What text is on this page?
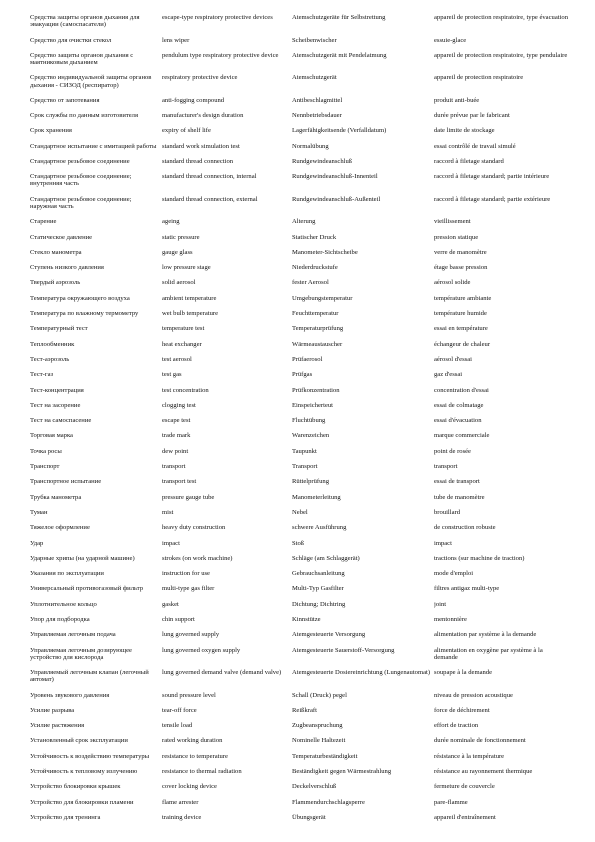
Средства защиты органов дыхания для эвакуации (самоспасатели)	escape-type respiratory protective devices	Atemschutzgeräte für Selbstrettung	appareil de protection respiratoire, type évacuation
Средство для очистки стекол	lens wiper	Scheibenwischer	essuie-glace
Средство защиты органов дыхания с маятниковым дыханием	pendulum type respiratory protective device	Atemschutzgerät mit Pendelatmung	appareil de protection respiratoire, type pendulaire
Средство индивидуальной защиты органов дыхания - СИЗОД (респиратор)	respiratory protective device	Atemschutzgerät	appareil de protection respiratoire
Средство от запотевания	anti-fogging compound	Antibeschlagmittel	produit anti-buée
Срок службы по данным изготовителя	manufacturer's design duration	Nennbetriebsdauer	durée prévue par le fabricant
Срок хранения	expiry of shelf life	Lagerfähigkeitsende (Verfalldatum)	date limite de stockage
Стандартное испытание с имитацией работы	standard work simulation test	Normalübung	essai contrôlé de travail simulé
Стандартное резьбовое соединение	standard thread connection	Rundgewindeanschluß	raccord à filetage standard
Стандартное резьбовое соединение; внутренняя часть	standard thread connection, internal	Rundgewindeanschluß-Innenteil	raccord à filetage standard; partie intérieure
Стандартное резьбовое соединение; наружная часть	standard thread connection, external	Rundgewindeanschluß-Außenteil	raccord à filetage standard; partie extérieure
Старение	ageing	Alterung	vieillissement
Статическое давление	static pressure	Statischer Druck	pression statique
Стекло манометра	gauge glass	Manometer-Sichtscheibe	verre de manomètre
Ступень низкого давления	low pressure stage	Niederdruckstufe	étage basse pression
Твердый аэрозоль	solid aerosol	fester Aerosol	aérosol solide
Температура окружающего воздуха	ambient temperature	Umgebungstemperatur	température ambiante
Температура по влажному термометру	wet bulb temperature	Feuchttemperatur	température humide
Температурный тест	temperature test	Temperaturprüfung	essai en température
Теплообменник	heat exchanger	Wärmeaustauscher	échangeur de chaleur
Тест-аэрозоль	test aerosol	Prüfaerosol	aérosol d'essai
Тест-газ	test gas	Prüfgas	gaz d'essai
Тест-концентрация	test concentration	Prüfkonzentration	concentration d'essai
Тест на засорение	clogging test	Einspeicherteut	essai de colmatage
Тест на самоспасение	escape test	Fluchtübung	essai d'évacuation
Торговая марка	trade mark	Warenzeichen	marque commerciale
Точка росы	dew point	Taupunkt	point de rosée
Транспорт	transport	Transport	transport
Транспортное испытание	transport test	Rüttelprüfung	essai de transport
Трубка манометра	pressure gauge tube	Manometerleitung	tube de manomètre
Туман	mist	Nebel	brouillard
Тяжелое оформление	heavy duty construction	schwere Ausführung	de construction robuste
Удар	impact	Stoß	impact
Ударные хрипы (на ударной машине)	strokes (on work machine)	Schläge (am Schlaggerät)	tractions (sur machine de traction)
Указания по эксплуатации	instruction for use	Gebrauchsanleitung	mode d'emploi
Универсальный противогазовый фильтр	multi-type gas filter	Multi-Typ Gasfilter	filtres antigaz multi-type
Уплотнительное кольцо	gasket	Dichtung; Dichtring	joint
Упор для подбородка	chin support	Kinnstütze	mentonnière
Управляемая легочным подача	lung governed supply	Atemgesteuerte Versorgung	alimentation par système à la demande
Управляемая легочным дозирующее устройство для кислорода	lung governed oxygen supply	Atemgesteuerte Sauerstoff-Versorgung	alimentation en oxygène par système à la demande
Управляемый легочным клапан (легочный автомат)	lung governed demand valve (demand valve)	Atemgesteuerte Dosiereinrichtung (Lungenautomat)	soupape à la demande
Уровень звукового давления	sound pressure level	Schall (Druck) pegel	niveau de pression acoustique
Усилие разрыва	tear-off force	Reißkraft	force de déchirement
Усилие растяжения	tensile load	Zugbeanspruchung	effort de traction
Установленный срок эксплуатации	rated working duration	Nominelle Haltezeit	durée nominale de fonctionnement
Устойчивость к воздействию температуры	resistance to temperature	Temperaturbeständigkeit	résistance à la température
Устойчивость к тепловому излучению	resistance to thermal radiation	Beständigkeit gegen Wärmestrahlung	résistance au rayonnement thermique
Устройство блокировки крышек	cover locking device	Deckelverschluß	fermeture de couvercle
Устройство для блокировки пламени	flame arrester	Flammendurchschlagsperre	pare-flamme
Устройство для тренинга	training device	Übungsgerät	appareil d'entraînement
